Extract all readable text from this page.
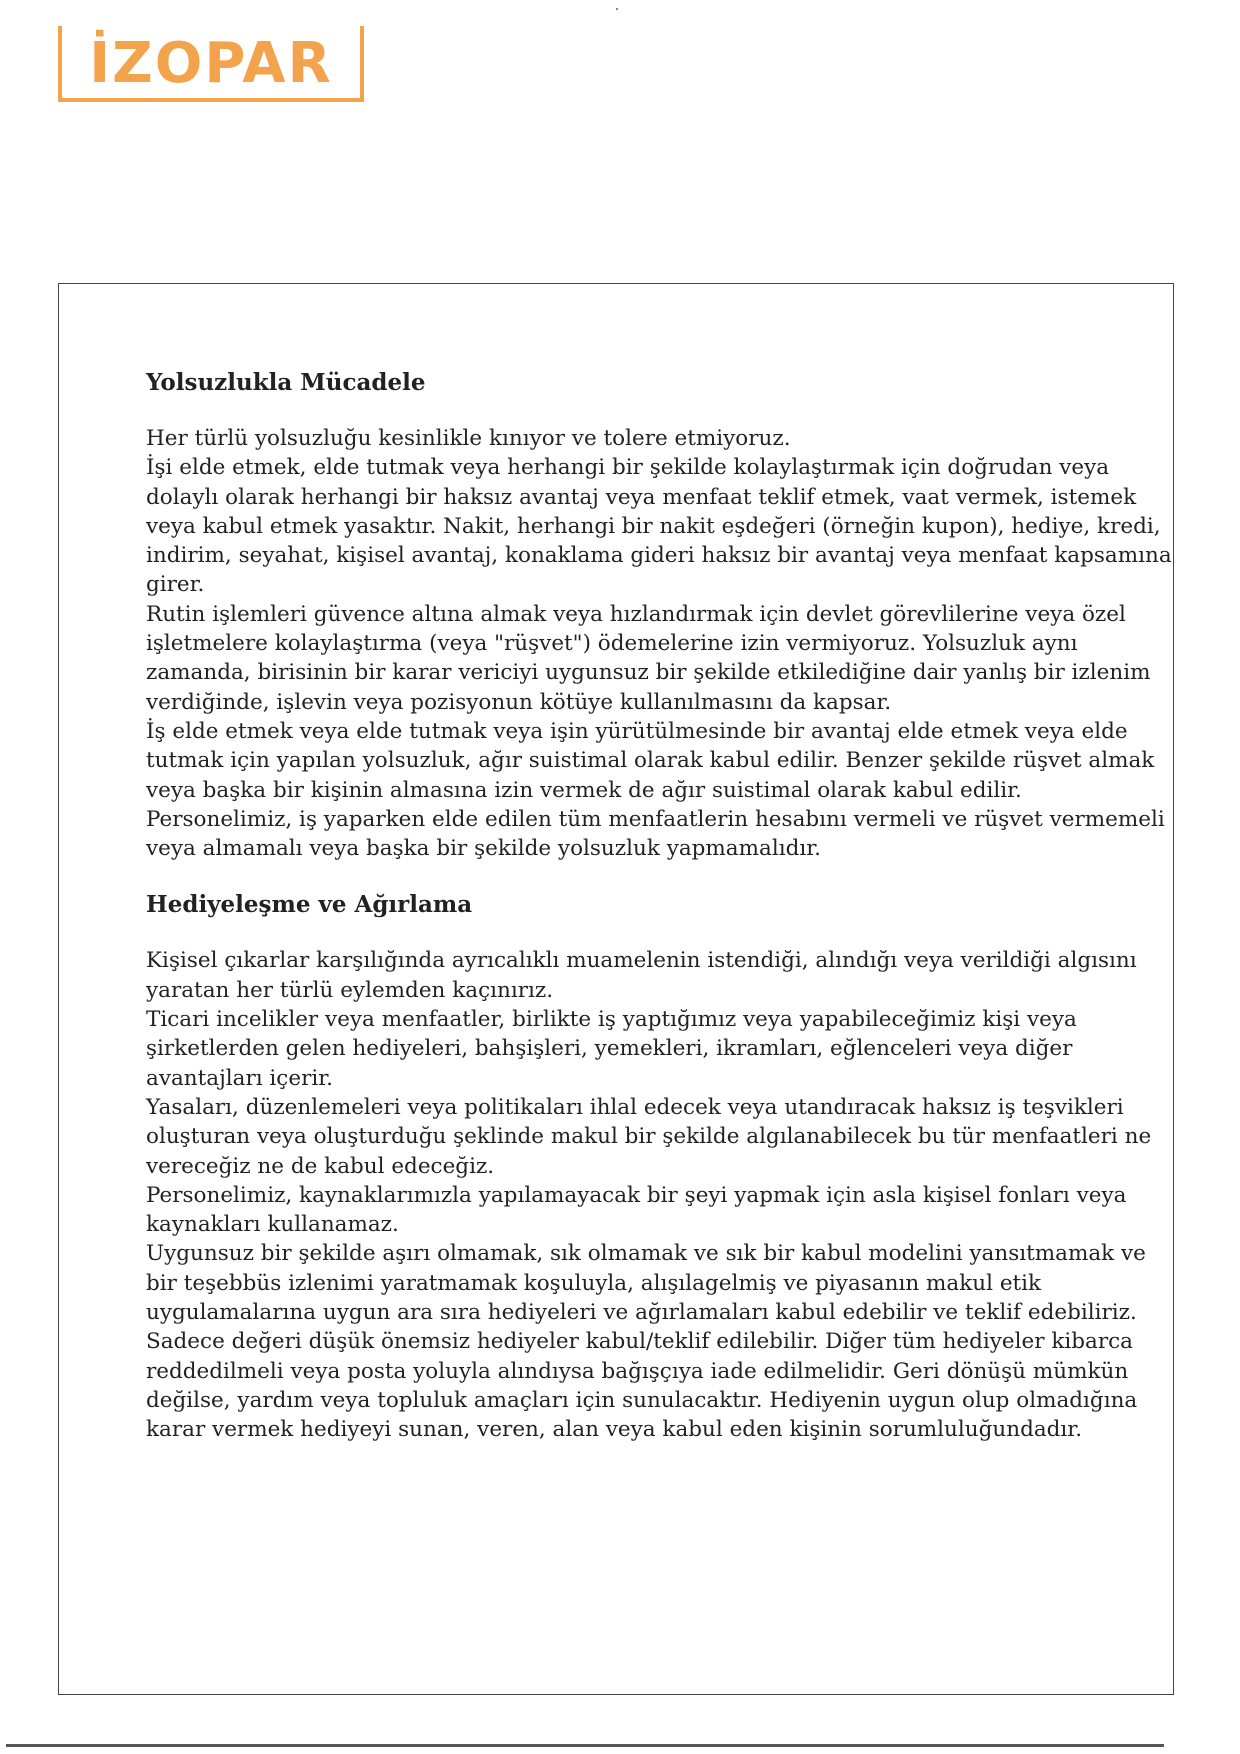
İZOPAR
Yolsuzlukla Mücadele

Her türlü yolsuzluğu kesinlikle kınıyor ve tolere etmiyoruz.

İşi elde etmek, elde tutmak veya herhangi bir şekilde kolaylaştırmak için doğrudan veya dolaylı olarak herhangi bir haksız avantaj veya menfaat teklif etmek, vaat vermek, istemek veya kabul etmek yasaktır. Nakit, herhangi bir nakit eşdeğeri (örneğin kupon), hediye, kredi, indirim, seyahat, kişisel avantaj, konaklama gideri haksız bir avantaj veya menfaat kapsamına girer.

Rutin işlemleri güvence altına almak veya hızlandırmak için devlet görevlilerine veya özel işletmelere kolaylaştırma (veya "rüşvet") ödemelerine izin vermiyoruz. Yolsuzluk aynı zamanda, birisinin bir karar vericiyi uygunsuz bir şekilde etkilediğine dair yanlış bir izlenim verdiğinde, işlevin veya pozisyonun kötüye kullanılmasını da kapsar.

İş elde etmek veya elde tutmak veya işin yürütülmesinde bir avantaj elde etmek veya elde tutmak için yapılan yolsuzluk, ağır suistimal olarak kabul edilir. Benzer şekilde rüşvet almak veya başka bir kişinin almasına izin vermek de ağır suistimal olarak kabul edilir.

Personelimiz, iş yaparken elde edilen tüm menfaatlerin hesabını vermeli ve rüşvet vermemeli veya almamalı veya başka bir şekilde yolsuzluk yapmamalıdır.

Hediyeleşme ve Ağırlama

Kişisel çıkarlar karşılığında ayrıcalıklı muamelenin istendiği, alındığı veya verildiği algısını yaratan her türlü eylemden kaçınırız.

Ticari incelikler veya menfaatler, birlikte iş yaptığımız veya yapabileceğimiz kişi veya şirketlerden gelen hediyeleri, bahşişleri, yemekleri, ikramları, eğlenceleri veya diğer avantajları içerir.

Yasaları, düzenlemeleri veya politikaları ihlal edecek veya utandıracak haksız iş teşvikleri oluşturan veya oluşturduğu şeklinde makul bir şekilde algılanabilecek bu tür menfaatleri ne vereceğiz ne de kabul edeceğiz.

Personelimiz, kaynaklarımızla yapılamayacak bir şeyi yapmak için asla kişisel fonları veya kaynakları kullanamaz.

Uygunsuz bir şekilde aşırı olmamak, sık olmamak ve sık bir kabul modelini yansıtmamak ve bir teşebbüs izlenimi yaratmamak koşuluyla, alışılagelmiş ve piyasanın makul etik uygulamalarına uygun ara sıra hediyeleri ve ağırlamaları kabul edebilir ve teklif edebiliriz. Sadece değeri düşük önemsiz hediyeler kabul/teklif edilebilir. Diğer tüm hediyeler kibarca reddedilmeli veya posta yoluyla alındıysa bağışçıya iade edilmelidir. Geri dönüşü mümkün değilse, yardım veya topluluk amaçları için sunulacaktır. Hediyenin uygun olup olmadığına karar vermek hediyeyi sunan, veren, alan veya kabul eden kişinin sorumluluğundadır.
